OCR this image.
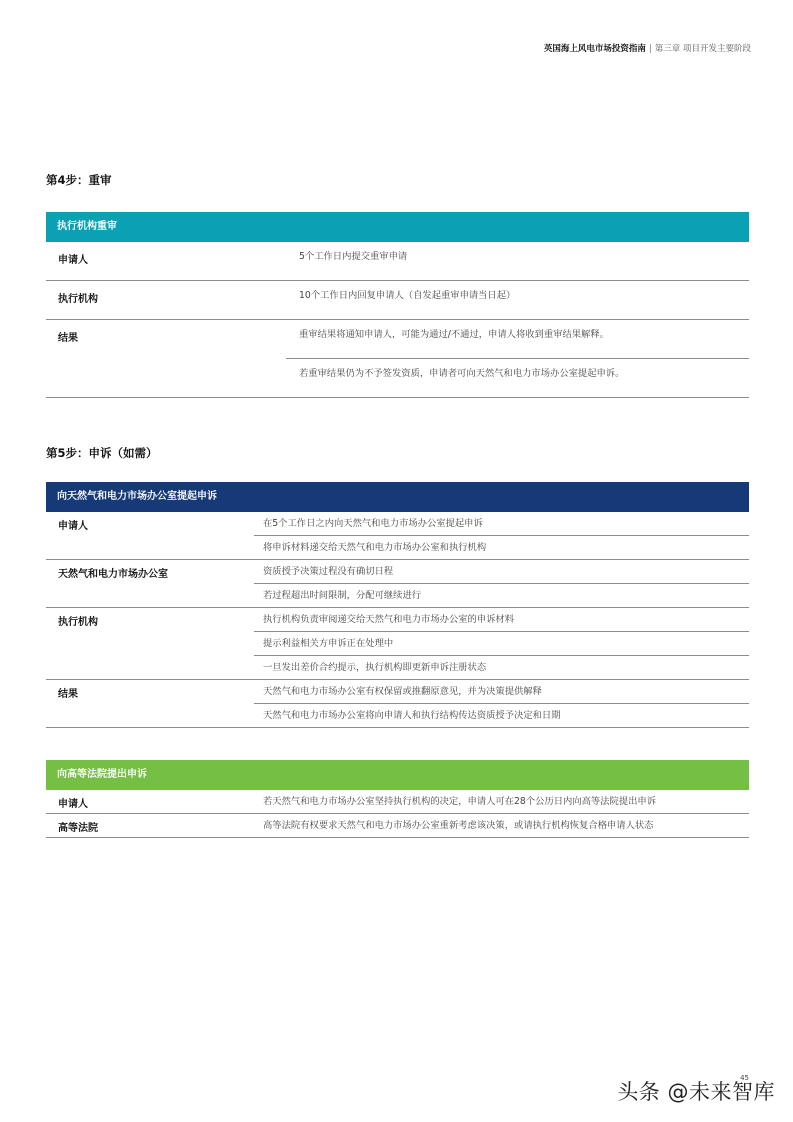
英国海上风电市场投资指南 | 第三章 项目开发主要阶段
第4步：重审
执行机构重审
申请人	5个工作日内提交重审申请
执行机构	10个工作日内回复申请人（自发起重审申请当日起）
结果	重审结果将通知申请人，可能为通过/不通过，申请人将收到重审结果解释。
若重审结果仍为不予签发资质，申请者可向天然气和电力市场办公室提起申诉。
第5步：申诉（如需）
向天然气和电力市场办公室提起申诉
申请人	在5个工作日之内向天然气和电力市场办公室提起申诉
将申诉材料递交给天然气和电力市场办公室和执行机构
天然气和电力市场办公室	资质授予决策过程没有确切日程
若过程超出时间限制，分配可继续进行
执行机构	执行机构负责审阅递交给天然气和电力市场办公室的申诉材料
提示利益相关方申诉正在处理中
一旦发出差价合约提示，执行机构即更新申诉注册状态
结果	天然气和电力市场办公室有权保留或推翻原意见，并为决策提供解释
天然气和电力市场办公室将向申请人和执行结构传达资质授予决定和日期
向高等法院提出申诉
申请人	若天然气和电力市场办公室坚持执行机构的决定，申请人可在28个公历日内向高等法院提出申诉
高等法院	高等法院有权要求天然气和电力市场办公室重新考虑该决策，或请执行机构恢复合格申请人状态
45
头条 @未来智库
